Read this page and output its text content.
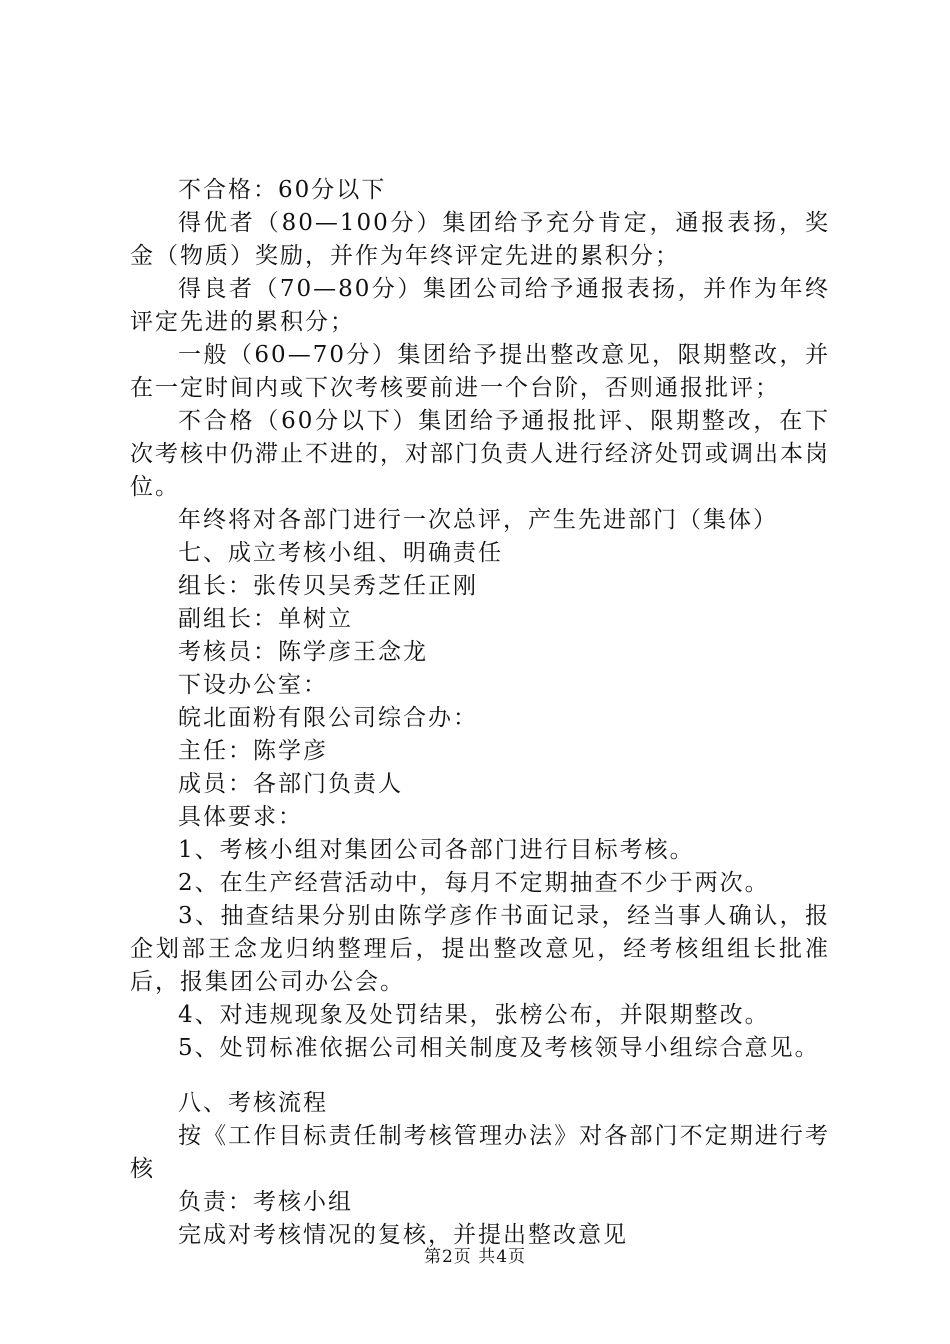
不合格：60分以下

得优者（80—100分）集团给予充分肯定，通报表扬，奖金（物质）奖励，并作为年终评定先进的累积分；

得良者（70—80分）集团公司给予通报表扬，并作为年终评定先进的累积分；

一般（60—70分）集团给予提出整改意见，限期整改，并在一定时间内或下次考核要前进一个台阶，否则通报批评；

不合格（60分以下）集团给予通报批评、限期整改，在下次考核中仍滞止不进的，对部门负责人进行经济处罚或调出本岗位。

年终将对各部门进行一次总评，产生先进部门（集体）

七、成立考核小组、明确责任

组长：张传贝吴秀芝任正刚

副组长：单树立

考核员：陈学彦王念龙

下设办公室：

皖北面粉有限公司综合办：

主任：陈学彦

成员：各部门负责人

具体要求：

1、考核小组对集团公司各部门进行目标考核。

2、在生产经营活动中，每月不定期抽查不少于两次。

3、抽查结果分别由陈学彦作书面记录，经当事人确认，报企划部王念龙归纳整理后，提出整改意见，经考核组组长批准后，报集团公司办公会。

4、对违规现象及处罚结果，张榜公布，并限期整改。

5、处罚标准依据公司相关制度及考核领导小组综合意见。

八、考核流程

按《工作目标责任制考核管理办法》对各部门不定期进行考核

负责：考核小组

完成对考核情况的复核，并提出整改意见

第2页 共4页
